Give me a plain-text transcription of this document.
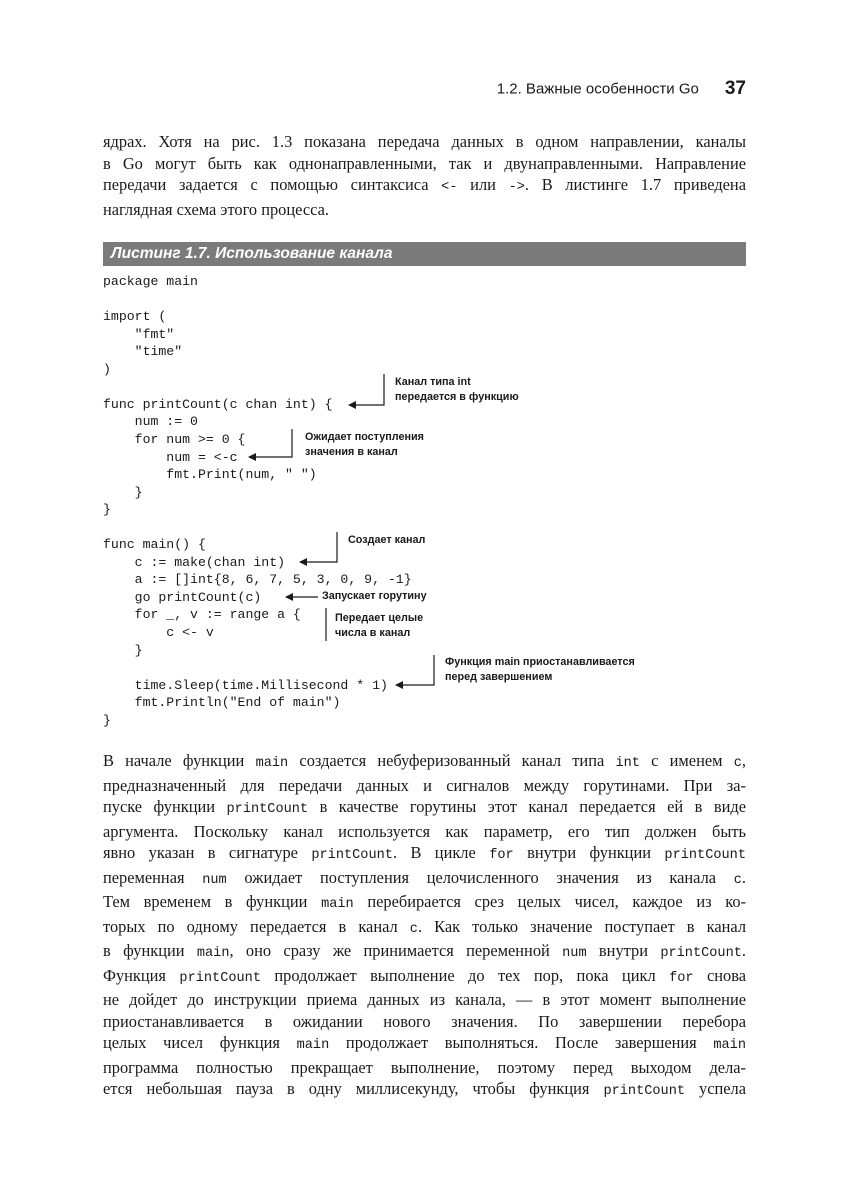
1.2. Важные особенности Go 37
ядрах. Хотя на рис. 1.3 показана передача данных в одном направлении, каналы
в Go могут быть как однонаправленными, так и двунаправленными. Направление
передачи задается с помощью синтаксиса <- или ->. В листинге 1.7 приведена
наглядная схема этого процесса.
Листинг 1.7. Использование канала
package main
import (
"fmt"
"time"
)
func printCount(c chan int) {
num := 0
for num >= 0 {
num = <-c
fmt.Print(num, " ")
}
}
func main() {
c := make(chan int)
a := []int{8, 6, 7, 5, 3, 0, 9, -1}
go printCount(c)
for _, v := range a {
c <- v
}
time.Sleep(time.Millisecond * 1)
fmt.Println("End of main")
}
Канал типа int
передается в функцию
Ожидает поступления
значения в канал
Создает канал
Запускает горутину
Передает целые
числа в канал
Функция main приостанавливается
перед завершением
В начале функции main создается небуферизованный канал типа int с именем c,
предназначенный для передачи данных и сигналов между горутинами. При за-
пуске функции printCount в качестве горутины этот канал передается ей в виде
аргумента. Поскольку канал используется как параметр, его тип должен быть
явно указан в сигнатуре printCount. В цикле for внутри функции printCount
переменная num ожидает поступления целочисленного значения из канала c.
Тем временем в функции main перебирается срез целых чисел, каждое из ко-
торых по одному передается в канал c. Как только значение поступает в канал
в функции main, оно сразу же принимается переменной num внутри printCount.
Функция printCount продолжает выполнение до тех пор, пока цикл for снова
не дойдет до инструкции приема данных из канала, — в этот момент выполнение
приостанавливается в ожидании нового значения. По завершении перебора
целых чисел функция main продолжает выполняться. После завершения main
программа полностью прекращает выполнение, поэтому перед выходом дела-
ется небольшая пауза в одну миллисекунду, чтобы функция printCount успела
